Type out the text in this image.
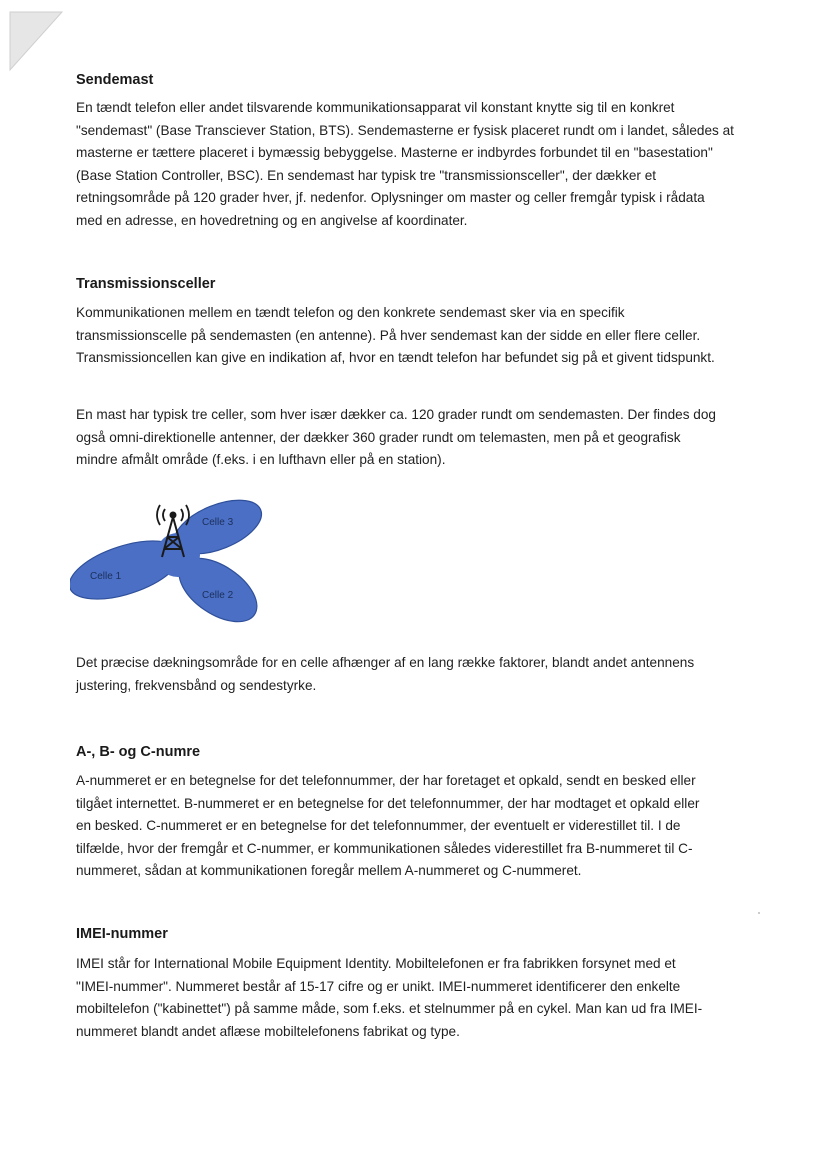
Sendemast
En tændt telefon eller andet tilsvarende kommunikationsapparat vil konstant knytte sig til en konkret
"sendemast" (Base Transciever Station, BTS). Sendemasterne er fysisk placeret rundt om i landet, således at
masterne er tættere placeret i bymæssig bebyggelse. Masterne er indbyrdes forbundet til en "basestation"
(Base Station Controller, BSC). En sendemast har typisk tre "transmissionsceller", der dækker et
retningsområde på 120 grader hver, jf. nedenfor. Oplysninger om master og celler fremgår typisk i rådata
med en adresse, en hovedretning og en angivelse af koordinater.
Transmissionsceller
Kommunikationen mellem en tændt telefon og den konkrete sendemast sker via en specifik
transmissionscelle på sendemasten (en antenne). På hver sendemast kan der sidde en eller flere celler.
Transmissioncellen kan give en indikation af, hvor en tændt telefon har befundet sig på et givent tidspunkt.
En mast har typisk tre celler, som hver især dækker ca. 120 grader rundt om sendemasten. Der findes dog
også omni-direktionelle antenner, der dækker 360 grader rundt om telemasten, men på et geografisk
mindre afmålt område (f.eks. i en lufthavn eller på en station).
Celle 1
Celle 3
Celle 2
Det præcise dækningsområde for en celle afhænger af en lang række faktorer, blandt andet antennens
justering, frekvensbånd og sendestyrke.
A-, B- og C-numre
A-nummeret er en betegnelse for det telefonnummer, der har foretaget et opkald, sendt en besked eller
tilgået internettet. B-nummeret er en betegnelse for det telefonnummer, der har modtaget et opkald eller
en besked. C-nummeret er en betegnelse for det telefonnummer, der eventuelt er viderestillet til. I de
tilfælde, hvor der fremgår et C-nummer, er kommunikationen således viderestillet fra B-nummeret til C-
nummeret, sådan at kommunikationen foregår mellem A-nummeret og C-nummeret.
IMEI-nummer
IMEI står for International Mobile Equipment Identity. Mobiltelefonen er fra fabrikken forsynet med et
"IMEI-nummer". Nummeret består af 15-17 cifre og er unikt. IMEI-nummeret identificerer den enkelte
mobiltelefon ("kabinettet") på samme måde, som f.eks. et stelnummer på en cykel. Man kan ud fra IMEI-
nummeret blandt andet aflæse mobiltelefonens fabrikat og type.
